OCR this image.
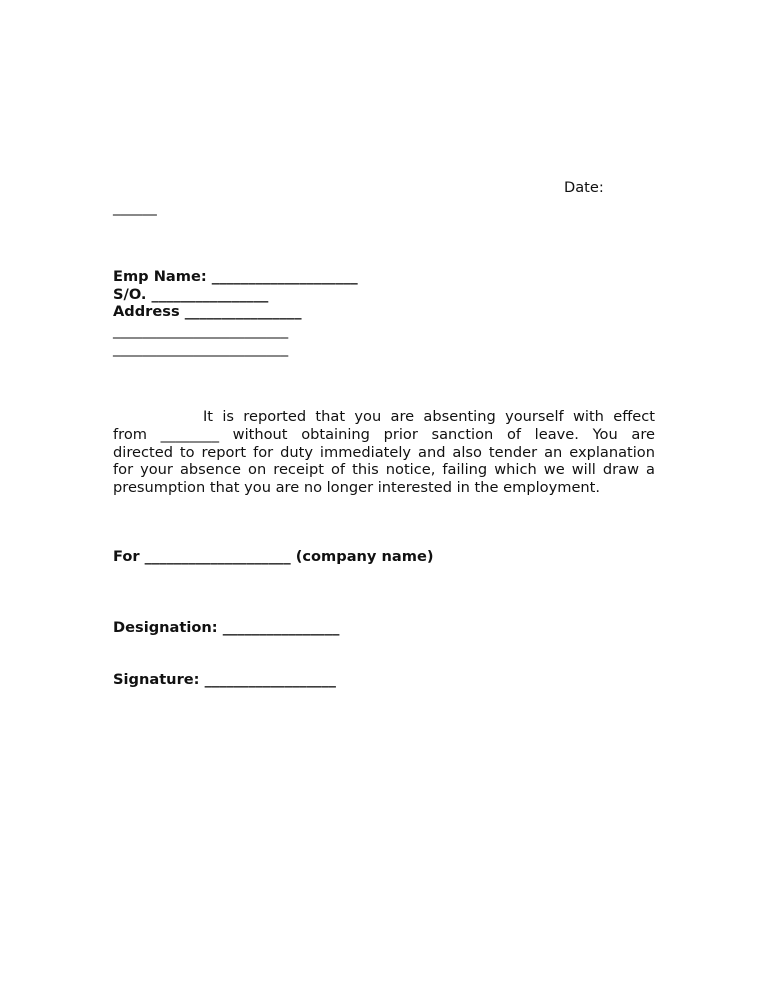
Date:
______
Emp Name: ____________________
S/O. ________________
Address ________________
________________________
________________________
It is reported that you are absenting yourself with effect
from ________ without obtaining prior sanction of leave. You are
directed to report for duty immediately and also tender an explanation
for your absence on receipt of this notice, failing which we will draw a
presumption that you are no longer interested in the employment.
For ____________________ (company name)
Designation: ________________
Signature: __________________
